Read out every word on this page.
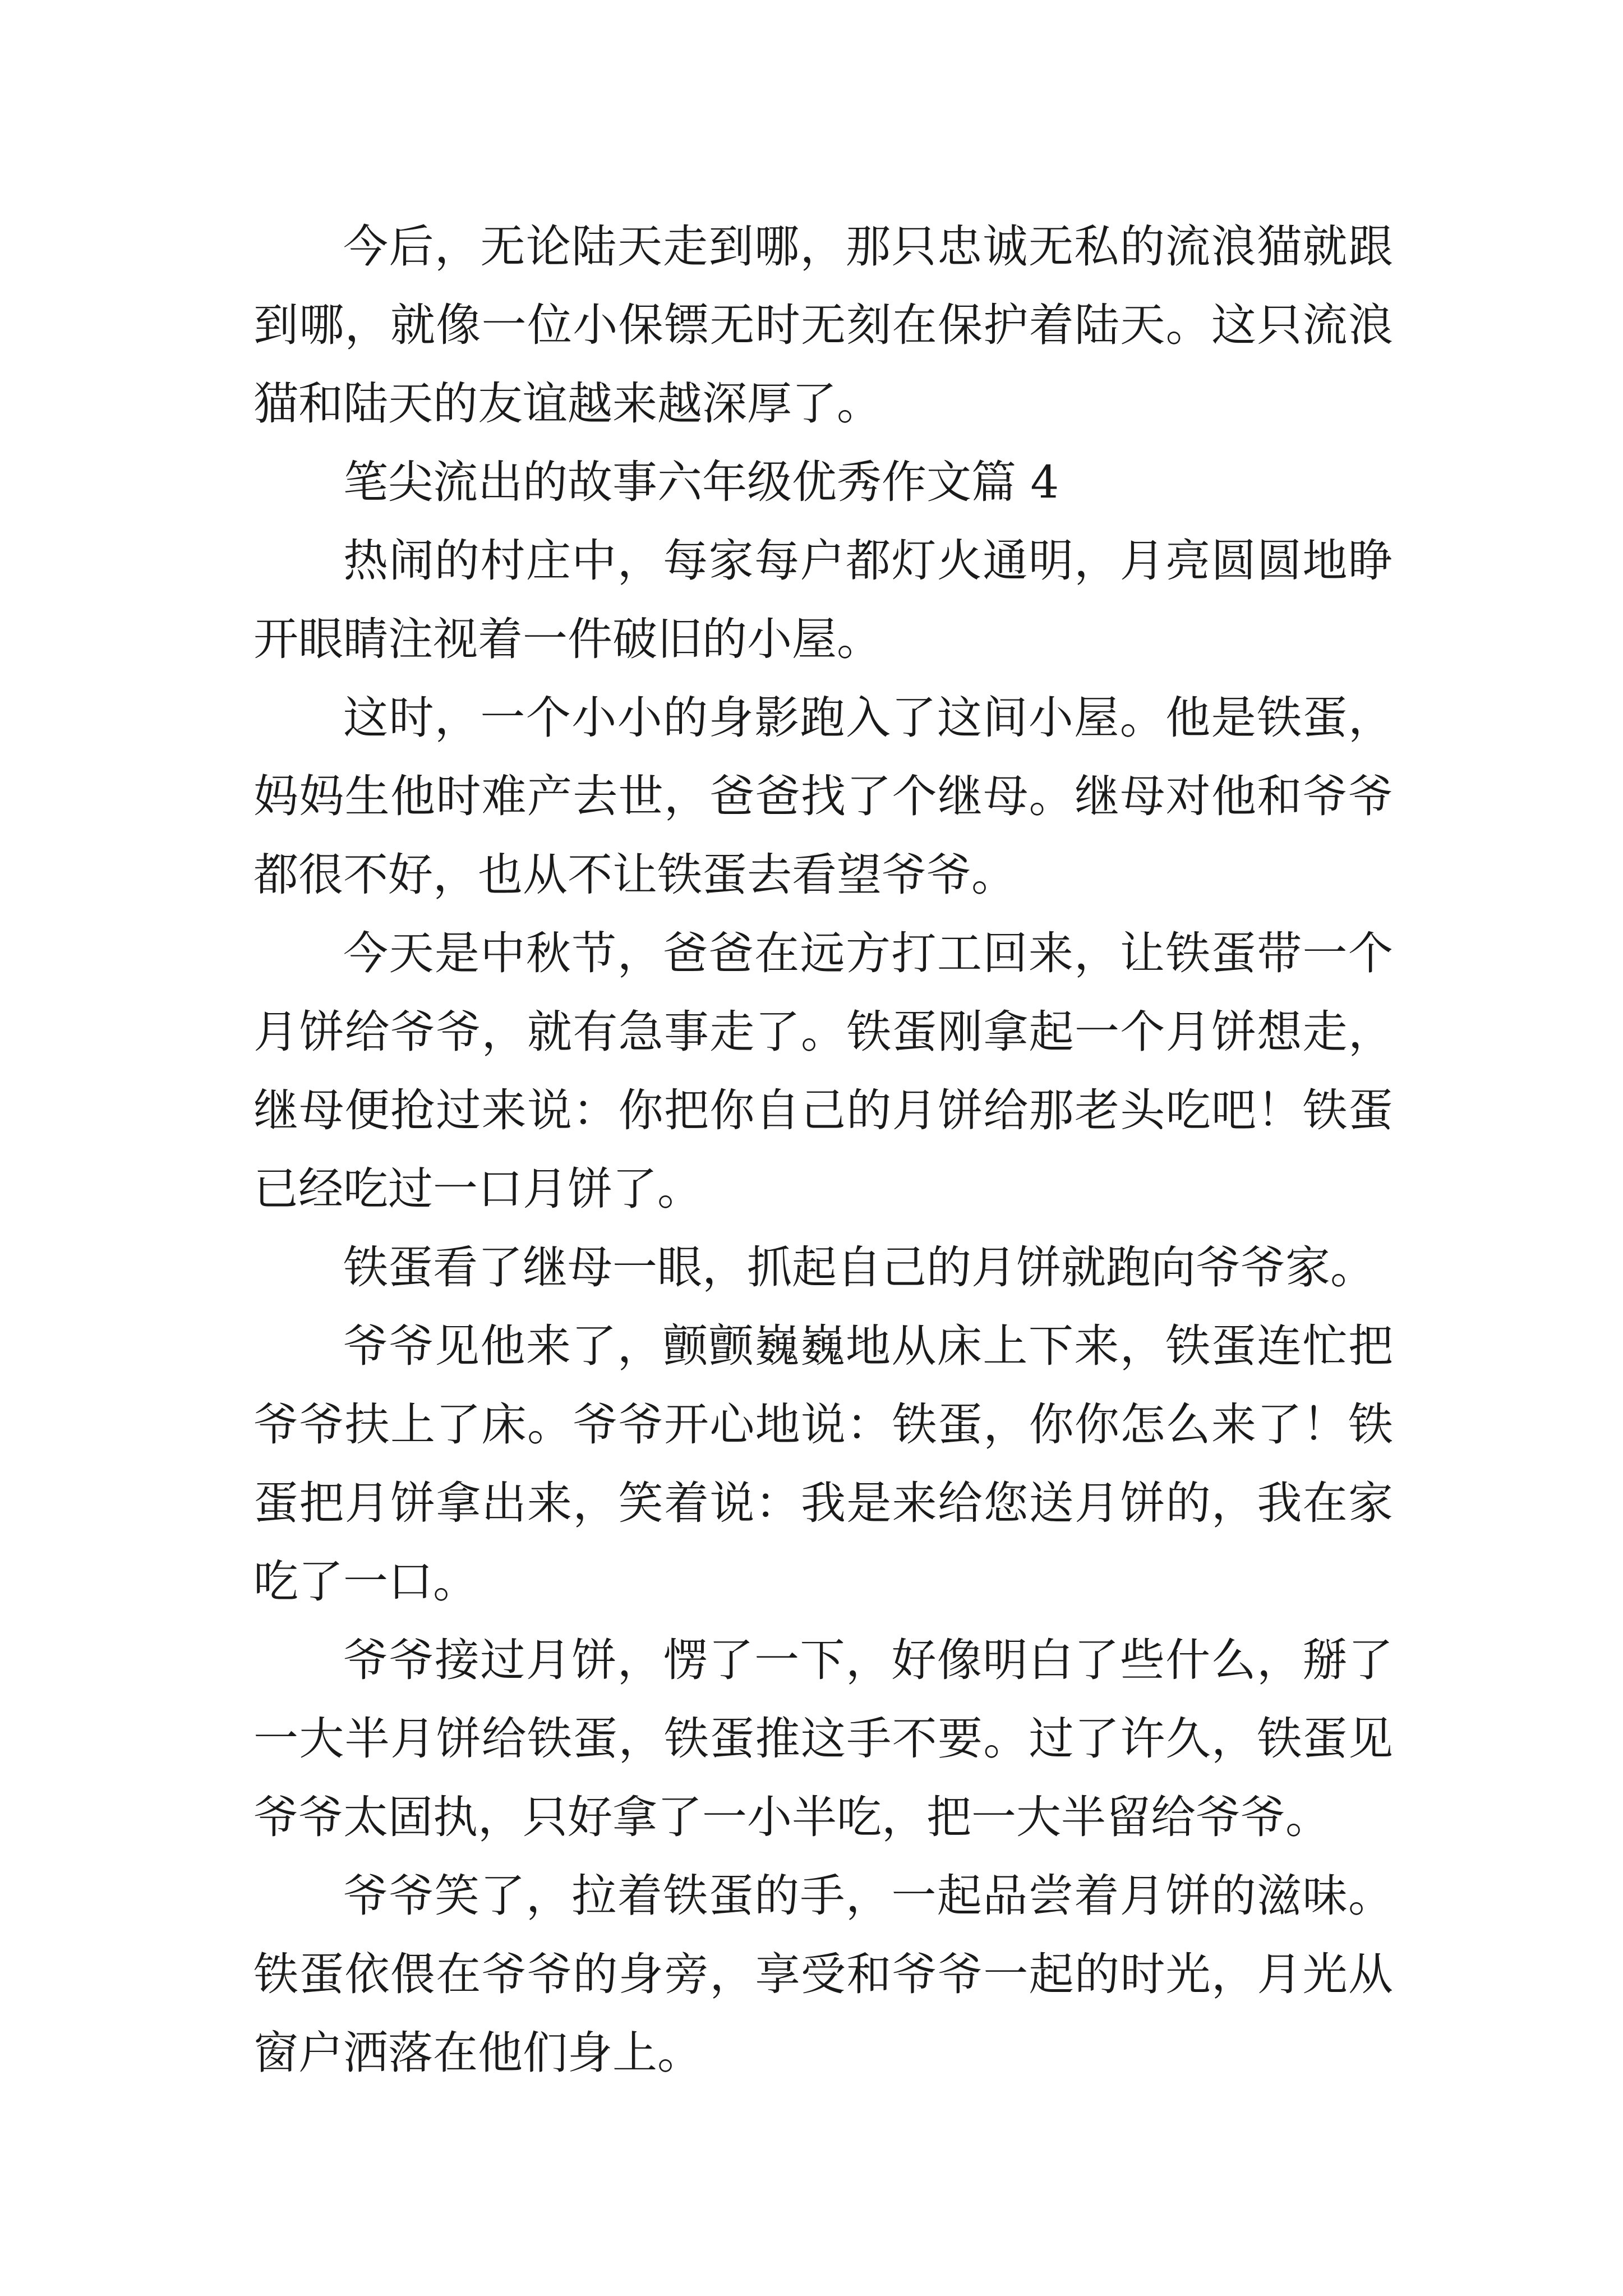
今后，无论陆天走到哪，那只忠诚无私的流浪猫就跟到哪，就像一位小保镖无时无刻在保护着陆天。这只流浪猫和陆天的友谊越来越深厚了。

笔尖流出的故事六年级优秀作文篇 4

热闹的村庄中，每家每户都灯火通明，月亮圆圆地睁开眼睛注视着一件破旧的小屋。

这时，一个小小的身影跑入了这间小屋。他是铁蛋，妈妈生他时难产去世，爸爸找了个继母。继母对他和爷爷都很不好，也从不让铁蛋去看望爷爷。

今天是中秋节，爸爸在远方打工回来，让铁蛋带一个月饼给爷爷，就有急事走了。铁蛋刚拿起一个月饼想走，继母便抢过来说：你把你自己的月饼给那老头吃吧！铁蛋已经吃过一口月饼了。

铁蛋看了继母一眼，抓起自己的月饼就跑向爷爷家。

爷爷见他来了，颤颤巍巍地从床上下来，铁蛋连忙把爷爷扶上了床。爷爷开心地说：铁蛋，你你怎么来了！铁蛋把月饼拿出来，笑着说：我是来给您送月饼的，我在家吃了一口。

爷爷接过月饼，愣了一下，好像明白了些什么，掰了一大半月饼给铁蛋，铁蛋推这手不要。过了许久，铁蛋见爷爷太固执，只好拿了一小半吃，把一大半留给爷爷。

爷爷笑了，拉着铁蛋的手，一起品尝着月饼的滋味。铁蛋依偎在爷爷的身旁，享受和爷爷一起的时光，月光从窗户洒落在他们身上。
